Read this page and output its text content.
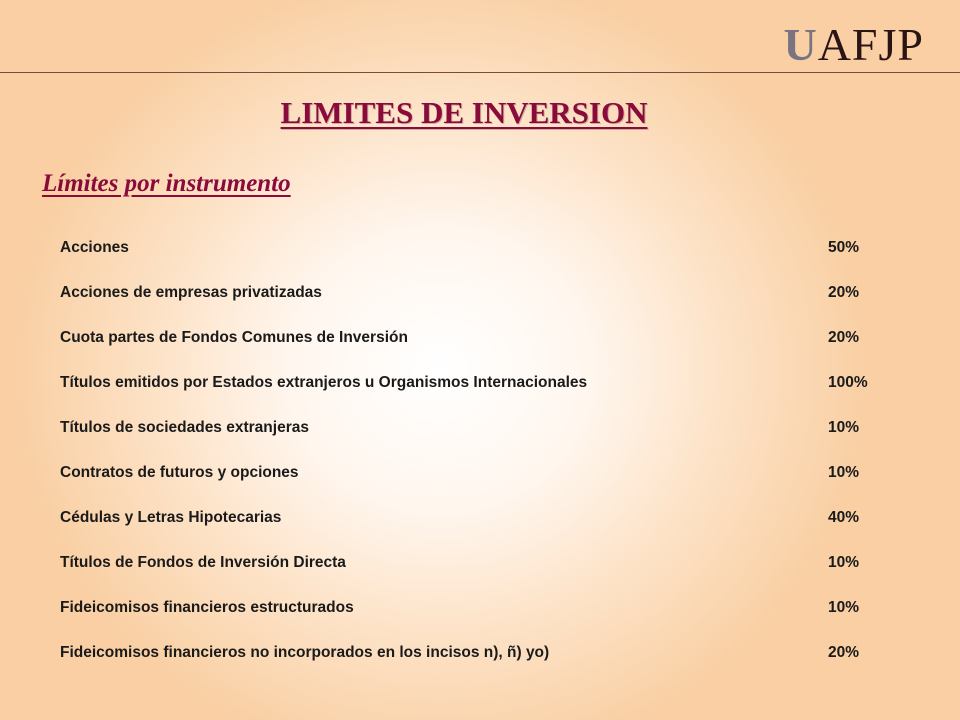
UAFJP
LIMITES DE INVERSION
Límites por instrumento
Acciones	50%
Acciones de empresas privatizadas	20%
Cuota partes de Fondos Comunes de Inversión	20%
Títulos emitidos por Estados extranjeros u Organismos Internacionales	100%
Títulos de sociedades extranjeras	10%
Contratos de futuros y opciones	10%
Cédulas y Letras Hipotecarias	40%
Títulos de Fondos de Inversión Directa	10%
Fideicomisos financieros estructurados	10%
Fideicomisos financieros no incorporados en los incisos n), ñ) yo)	20%
